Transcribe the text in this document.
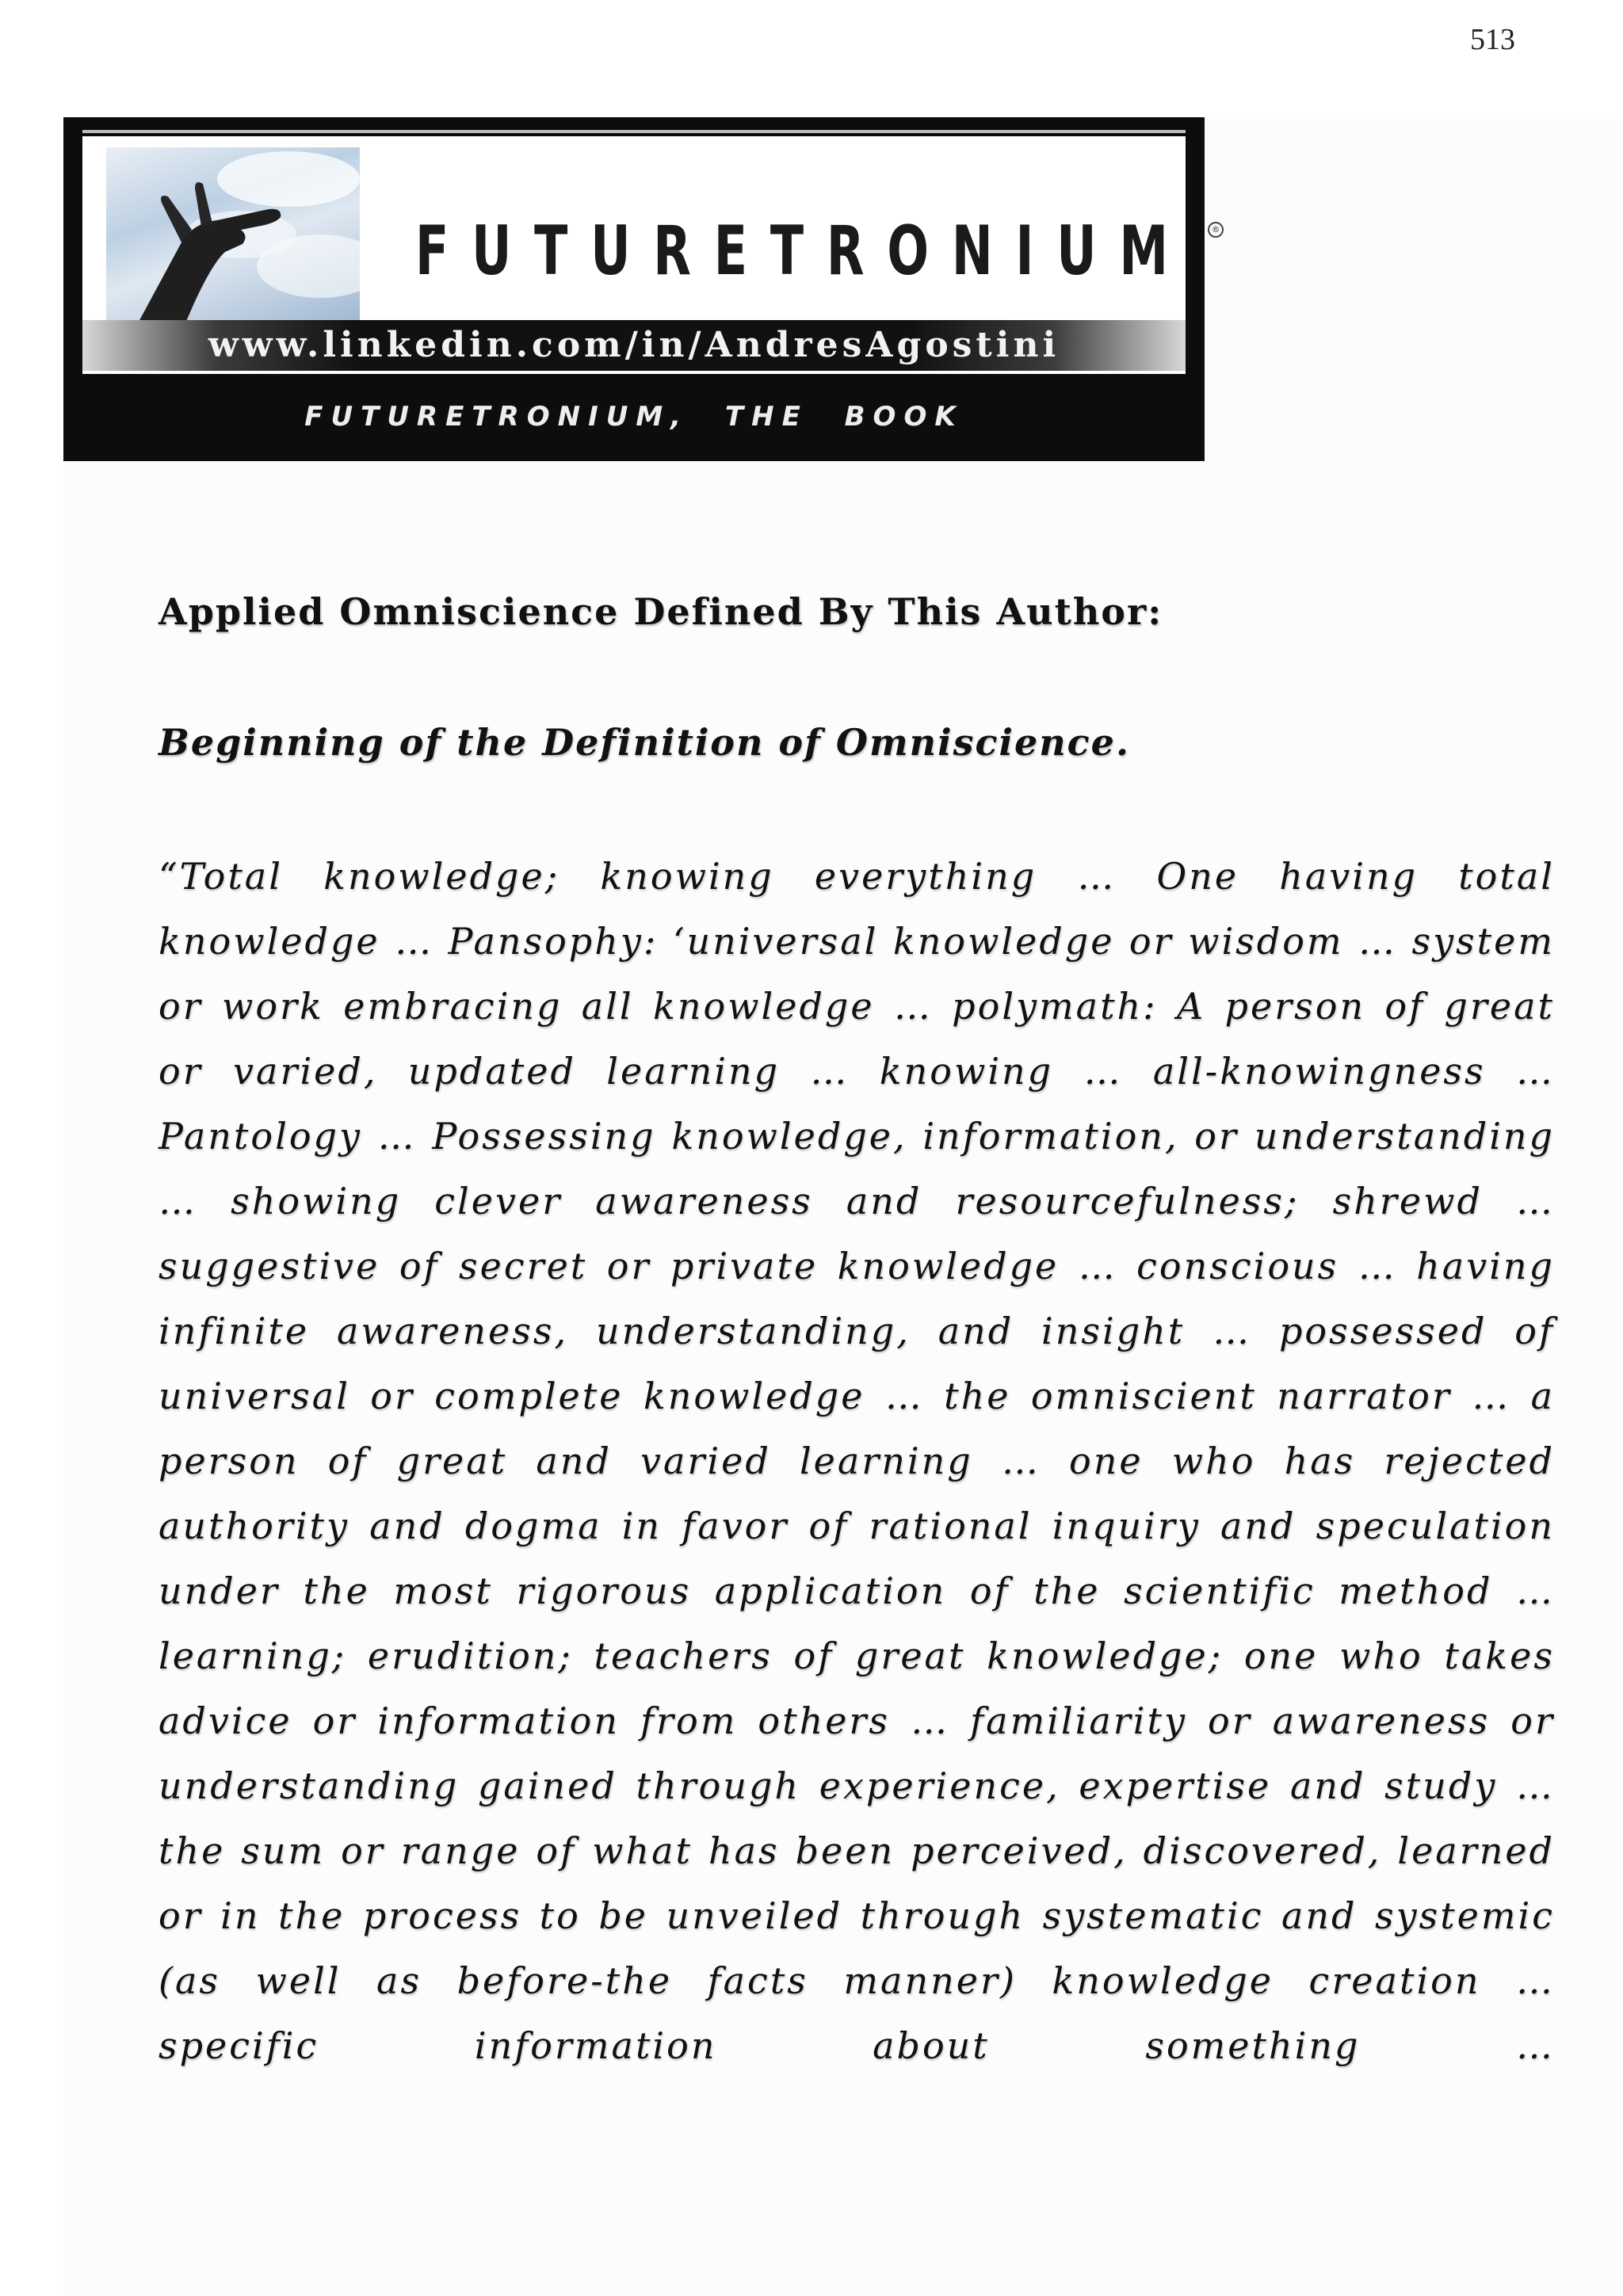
513
FUTURETRONIUM	®
www.linkedin.com/in/AndresAgostini
FUTURETRONIUM, THE BOOK
Applied Omniscience Defined By This Author:
Beginning of the Definition of Omniscience.
“Total knowledge; knowing everything … One having total knowledge … Pansophy: ‘universal knowledge or wisdom … system or work embracing all knowledge … polymath: A person of great or varied, updated learning … knowing … all-knowingness … Pantology … Possessing knowledge, information, or understanding … showing clever awareness and resourcefulness; shrewd … suggestive of secret or private knowledge … conscious … having infinite awareness, understanding, and insight … possessed of universal or complete knowledge … the omniscient narrator … a person of great and varied learning … one who has rejected authority and dogma in favor of rational inquiry and speculation under the most rigorous application of the scientific method … learning; erudition; teachers of great knowledge; one who takes advice or information from others … familiarity or awareness or understanding gained through experience, expertise and study … the sum or range of what has been perceived, discovered, learned or in the process to be unveiled through systematic and systemic (as well as before-the facts manner) knowledge creation … specific information about something …
